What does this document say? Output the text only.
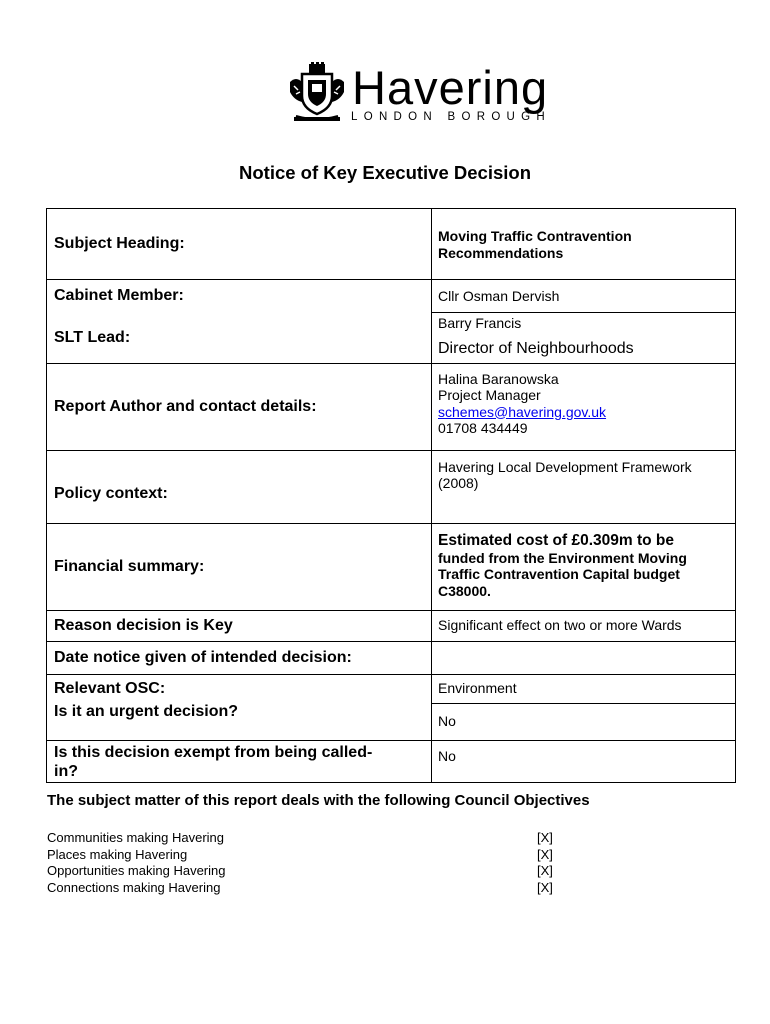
Havering
LONDON BOROUGH
Notice of Key Executive Decision
Subject Heading:	Moving Traffic Contravention
Recommendations

Cabinet Member:	Cllr Osman Dervish

SLT Lead:	Barry Francis
Director of Neighbourhoods

Report Author and contact details:	Halina Baranowska
Project Manager
schemes@havering.gov.uk
01708 434449

Policy context:	Havering Local Development Framework
(2008)

Financial summary:	Estimated cost of £0.309m to be
funded from the Environment Moving
Traffic Contravention Capital budget
C38000.

Reason decision is Key	Significant effect on two or more Wards

Date notice given of intended decision:	

Relevant OSC:	Environment

Is it an urgent decision?	No

Is this decision exempt from being called-
in?	No
The subject matter of this report deals with the following Council Objectives
Communities making Havering	[X]
Places making Havering	[X]
Opportunities making Havering	[X]
Connections making Havering	[X]
